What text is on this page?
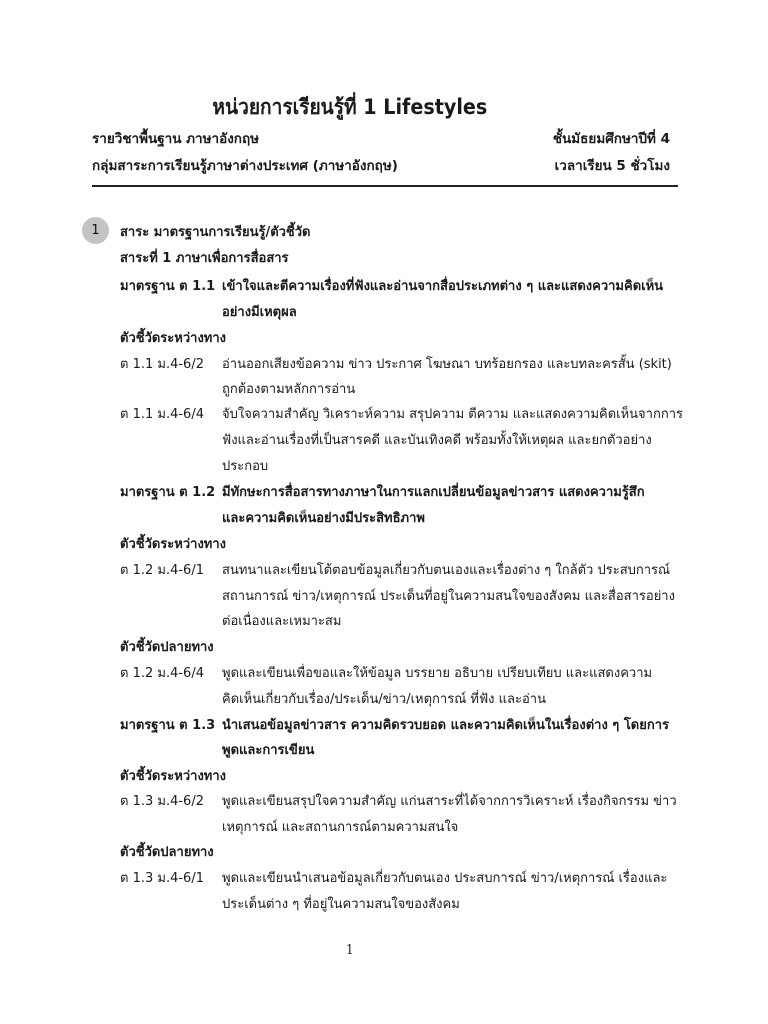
หน่วยการเรียนรู้ที่ 1 Lifestyles
รายวิชาพื้นฐาน ภาษาอังกฤษ	ชั้นมัธยมศึกษาปีที่ 4
กลุ่มสาระการเรียนรู้ภาษาต่างประเทศ (ภาษาอังกฤษ)	เวลาเรียน 5 ชั่วโมง
1	สาระ มาตรฐานการเรียนรู้/ตัวชี้วัด
สาระที่ 1 ภาษาเพื่อการสื่อสาร
มาตรฐาน ต 1.1 เข้าใจและตีความเรื่องที่ฟังและอ่านจากสื่อประเภทต่าง ๆ และแสดงความคิดเห็น
อย่างมีเหตุผล
ตัวชี้วัดระหว่างทาง
ต 1.1 ม.4-6/2 อ่านออกเสียงข้อความ ข่าว ประกาศ โฆษณา บทร้อยกรอง และบทละครสั้น (skit)
ถูกต้องตามหลักการอ่าน
ต 1.1 ม.4-6/4 จับใจความสำคัญ วิเคราะห์ความ สรุปความ ตีความ และแสดงความคิดเห็นจากการ
ฟังและอ่านเรื่องที่เป็นสารคดี และบันเทิงคดี พร้อมทั้งให้เหตุผล และยกตัวอย่าง
ประกอบ
มาตรฐาน ต 1.2 มีทักษะการสื่อสารทางภาษาในการแลกเปลี่ยนข้อมูลข่าวสาร แสดงความรู้สึก
และความคิดเห็นอย่างมีประสิทธิภาพ
ตัวชี้วัดระหว่างทาง
ต 1.2 ม.4-6/1 สนทนาและเขียนโต้ตอบข้อมูลเกี่ยวกับตนเองและเรื่องต่าง ๆ ใกล้ตัว ประสบการณ์
สถานการณ์ ข่าว/เหตุการณ์ ประเด็นที่อยู่ในความสนใจของสังคม และสื่อสารอย่าง
ต่อเนื่องและเหมาะสม
ตัวชี้วัดปลายทาง
ต 1.2 ม.4-6/4 พูดและเขียนเพื่อขอและให้ข้อมูล บรรยาย อธิบาย เปรียบเทียบ และแสดงความ
คิดเห็นเกี่ยวกับเรื่อง/ประเด็น/ข่าว/เหตุการณ์ ที่ฟัง และอ่าน
มาตรฐาน ต 1.3 นำเสนอข้อมูลข่าวสาร ความคิดรวบยอด และความคิดเห็นในเรื่องต่าง ๆ โดยการ
พูดและการเขียน
ตัวชี้วัดระหว่างทาง
ต 1.3 ม.4-6/2 พูดและเขียนสรุปใจความสำคัญ แก่นสาระที่ได้จากการวิเคราะห์ เรื่องกิจกรรม ข่าว
เหตุการณ์ และสถานการณ์ตามความสนใจ
ตัวชี้วัดปลายทาง
ต 1.3 ม.4-6/1 พูดและเขียนนำเสนอข้อมูลเกี่ยวกับตนเอง ประสบการณ์ ข่าว/เหตุการณ์ เรื่องและ
ประเด็นต่าง ๆ ที่อยู่ในความสนใจของสังคม
1
